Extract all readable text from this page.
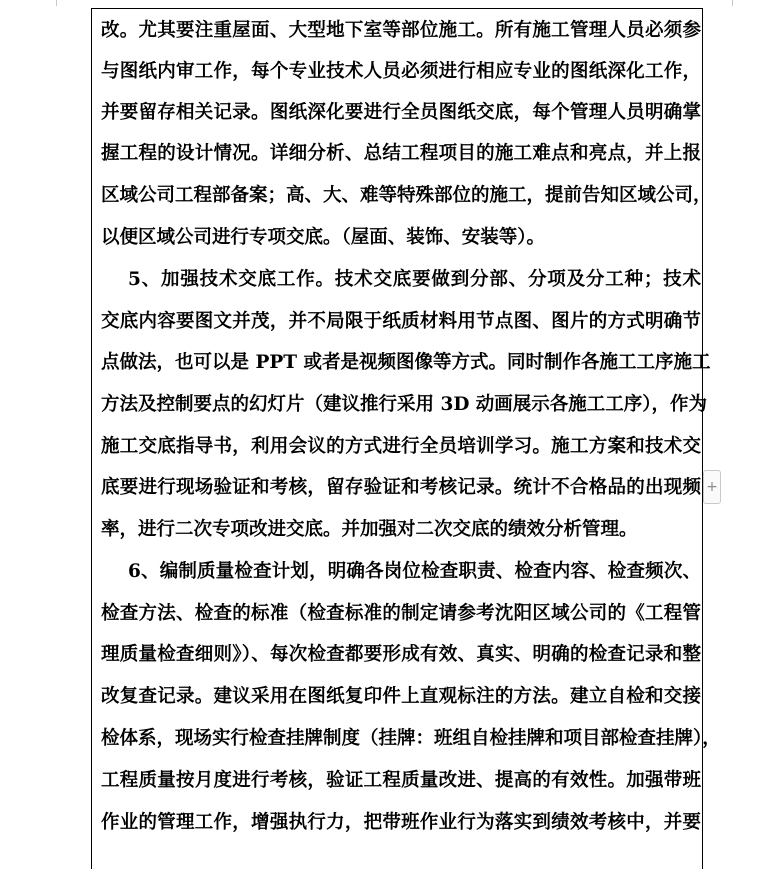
改。尤其要注重屋面、大型地下室等部位施工。所有施工管理人员必须参
与图纸内审工作，每个专业技术人员必须进行相应专业的图纸深化工作，
并要留存相关记录。图纸深化要进行全员图纸交底，每个管理人员明确掌
握工程的设计情况。详细分析、总结工程项目的施工难点和亮点，并上报
区域公司工程部备案；高、大、难等特殊部位的施工，提前告知区域公司，
以便区域公司进行专项交底。（屋面、装饰、安装等）。
5、加强技术交底工作。技术交底要做到分部、分项及分工种；技术
交底内容要图文并茂，并不局限于纸质材料用节点图、图片的方式明确节
点做法，也可以是 PPT 或者是视频图像等方式。同时制作各施工工序施工
方法及控制要点的幻灯片（建议推行采用 3D 动画展示各施工工序），作为
施工交底指导书，利用会议的方式进行全员培训学习。施工方案和技术交
底要进行现场验证和考核，留存验证和考核记录。统计不合格品的出现频
率，进行二次专项改进交底。并加强对二次交底的绩效分析管理。
6、编制质量检查计划，明确各岗位检查职责、检查内容、检查频次、
检查方法、检查的标准（检查标准的制定请参考沈阳区域公司的《工程管
理质量检查细则》）、每次检查都要形成有效、真实、明确的检查记录和整
改复查记录。建议采用在图纸复印件上直观标注的方法。建立自检和交接
检体系，现场实行检查挂牌制度（挂牌：班组自检挂牌和项目部检查挂牌），
工程质量按月度进行考核，验证工程质量改进、提高的有效性。加强带班
作业的管理工作，增强执行力，把带班作业行为落实到绩效考核中，并要
+
